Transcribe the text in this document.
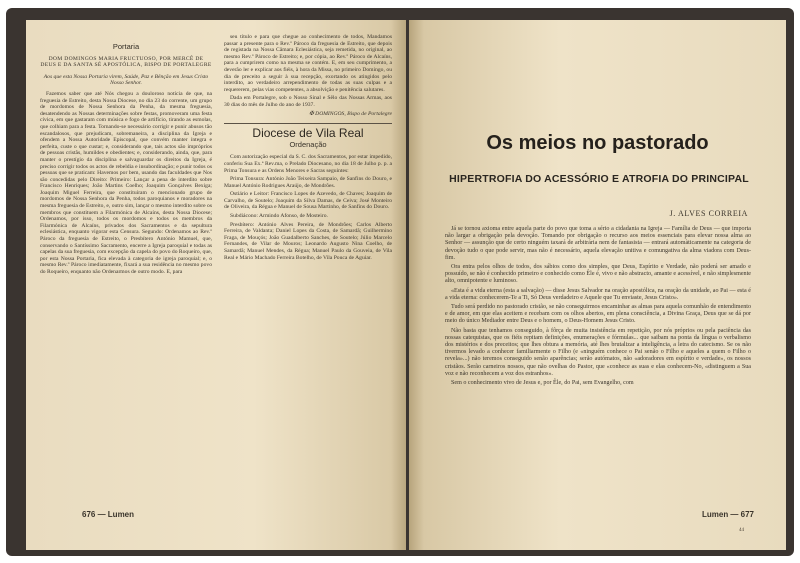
Portaria
DOM DOMINGOS MARIA FRUCTUOSO, POR MERCÊ DE DEUS E DA SANTA SÉ APOSTÓLICA, BISPO DE PORTALEGRE
Aos que esta Nossa Portaria virem, Saúde, Paz e Bênção em Jesus Cristo Nosso Senhor.

Fazemos saber que até Nós chegou a douloroso notícia de que, na freguesia de Estreito, desta Nossa Diocese, no dia 23 do corrente, um grupo de mordomos de Nossa Senhora da Penha, da mesma freguesia, desatendendo as Nossas determinações sobre festas, promoveram uma festa cívica, em que gastaram com música e fogo de artifício, tirando as esmolas, que colhiam para a festa. Tornando-se necessário corrigir e punir abusos tão escandalosos, que prejudicam, sobremaneira, a disciplina da Igreja e ofendem a Nossa Autoridade Episcopal, que convém manter íntegra e perfeita, custe o que custar; e, considerando que, tais actos são impróprios de pessoas cristãs, humildes e obedientes; e, considerando, ainda, que, para manter o prestígio da disciplina e salvaguardar os direitos da Igreja, é preciso corrigir todos os actos de rebeldia e insubordinação; e punir todos os pessoas que se praticam: Havemos por bem, usando das faculdades que Nos são concedidas pelo Direito: Primeiro: Lançar a pena de interdito sobre Francisco Henriques; João Martins Coelho; Joaquim Gonçalves Bexiga; Joaquim Miguel Ferreira, que constituíram o mencionado grupo de mordomos de Nossa Senhora da Penha, todos paroquianos e moradores na mesma freguesia de Estreito, e, outro sim, lançar o mesmo interdito sobre os membros que constituem a Filarmónica de Alcaíns, desta Nossa Diocese; Ordenamos, por isso, todos os mordomos e todos os membros da Filarmónica de Alcaíns, privados dos Sacramentos e da sepultura eclesiástica, enquanto vigorar esta Censura. Segundo: Ordenamos ao Rev.º Pároco da freguesia de Estreito, o Presbítero António Mamuel, que, conservando o Santíssimo Sacramento, encerre a Igreja paroquial e todas as capelas da sua freguesia, com excepção da capela do povo do Roqueiro, que, por esta Nossa Portaria, fica elevada à categoria de igreja paroquial; e, o mesmo Rev.º Pároco imediatamente, fixará a sua residência no mesmo povo do Roqueiro, enquanto não Ordenarmos de outro modo. E, para

seu título e para que chegue ao conhecimento de todos, Mandamos passar a presente para o Rev.º Pároco da freguesia de Estreito, que depois de registada na Nossa Câmara Eclesiástica, seja remetida, no original, ao mesmo Rev.º Pároco de Estreito; e, por cópia, ao Rev.º Pároco de Alcaíns, para a cumprirem como na mesma se contém. E, em seu cumprimento, a deverão ler e explicar aos fiéis, à hora da Missa, no primeiro Domingo, ou dia de preceito a seguir à sua recepção, exortando os atingidos pelo interdito, ao verdadeiro arrependimento de todas as suas culpas e a requererem, pelas vias competentes, a absolvição e penitência salutares.

Dada em Portalegre, sob o Nosso Sinal e Sêlo das Nossas Armas, aos 30 dias do mês de Julho do ano de 1937.

✠ DOMINGOS, Bispo de Portalegre
Diocese de Vila Real
Ordenação

Com autorização especial da S. C. dos Sacramentos, por estar impedido, conferiu Sua Ex.ª Rev.ma, o Prelado Diocesano, no dia 18 de Julho p. p. a Prima Tonsura e as Ordens Menores e Sacras seguintes:

Prima Tonsura: António João Teixeira Sampaio, de Sanfins do Douro, e Manuel António Rodrigues Araújo, de Mondrões.

Ostiário e Leitor: Francisco Lopes de Azevedo, de Chaves; Joaquim de Carvalho, de Soutelo; Joaquim da Silva Damas, de Ceiva; José Monteiro de Oliveira, da Régua e Manuel de Sousa Martinho, de Sanfins do Douro.

Subdiácono: Armindo Afonso, de Mosteiro.

Presbítero: António Alves Pereira, de Mondrões; Carlos Alberto Ferreira, de Valdanta; Daniel Lopes da Costa, de Samardã; Guilhermino Fraga, de Mouçós; João Guadalberto Sanches, de Soutelo; Júlio Marcelo Fernandes, de Vilar de Mouros; Leonardo Augusto Nina Coelho, de Samardã; Manuel Mendes, da Régua; Manuel Paulo da Gouveia, de Vila Real e Mário Machado Ferreira Botelho, de Vila Pouca de Aguiar.

676 — Lumen
Os meios no pastorado
HIPERTROFIA DO ACESSÓRIO E ATROFIA DO PRINCIPAL
J. ALVES CORREIA

Já se tornou axioma entre aquela parte do povo que toma a sério a cidadania na Igreja — Família de Deus — que importa não largar a obrigação pela devoção. Tomando por obrigação o recurso aos meios essenciais para elevar nossa alma ao Senhor — assunção que de certo ninguém taxará de arbitrária nem de fantasista — entrará automàticamente na categoria de devoção tudo o que pode servir, mas não é necessário, aquela elevação unitiva e comungativa da alma viadora com Deus-fim.

Ora entra pelos olhos de todos, dos sábios como dos simples, que Deus, Espírito e Verdade, não poderá ser amado e possuído, se não é conhecido primeiro e conhecido como Êle é, vivo e não abstracto, amante e acessível, e não simplesmente alto, omnipotente e luminoso.

«Esta é a vida eterna (esta a salvação) — disse Jesus Salvador na oração apostólica, na oração da unidade, ao Pai — esta é a vida eterna: conhecerem-Te a Ti, Só Deus verdadeiro e Aquele que Tu enviaste, Jesus Cristo».

Tudo será perdido no pastorado cristão, se não conseguirmos encaminhar as almas para aquela comunhão de entendimento e de amor, em que elas aceitem e recebam com os olhos abertos, em plena consciência, a Divina Graça, Deus que se dá por meio do único Mediador entre Deus e o homem, o Deus-Homem Jesus Cristo.

Não basta que tenhamos conseguido, à fôrça de muita insistência em repetição, por nós próprios ou pela paciência das nossas catequistas, que os fiéis repitam definições, enumerações e fórmulas... que saibam na ponta da língua o verbalismo dos mistérios e dos preceitos; que lhes obtura a memória, até lhes brutalizar a inteligência, a letra do catecismo. Se os não tivermos levado a conhecer familiarmente o Filho (e «ninguém conhece o Pai senão o Filho e aqueles a quem o Filho o revela»...) não teremos conseguido senão aparências; serão autómatos, não «adoradores em espírito e verdade», os nossos cristãos. Serão carneiros nossos, que não ovelhas do Pastor, que «conhece as suas e elas conhecem-No, «distinguem a Sua voz e não reconhecem a voz dos estranhos».

Sem o conhecimento vivo de Jesus e, por Êle, do Pai, sem Evangelho, com

Lumen — 677
44
